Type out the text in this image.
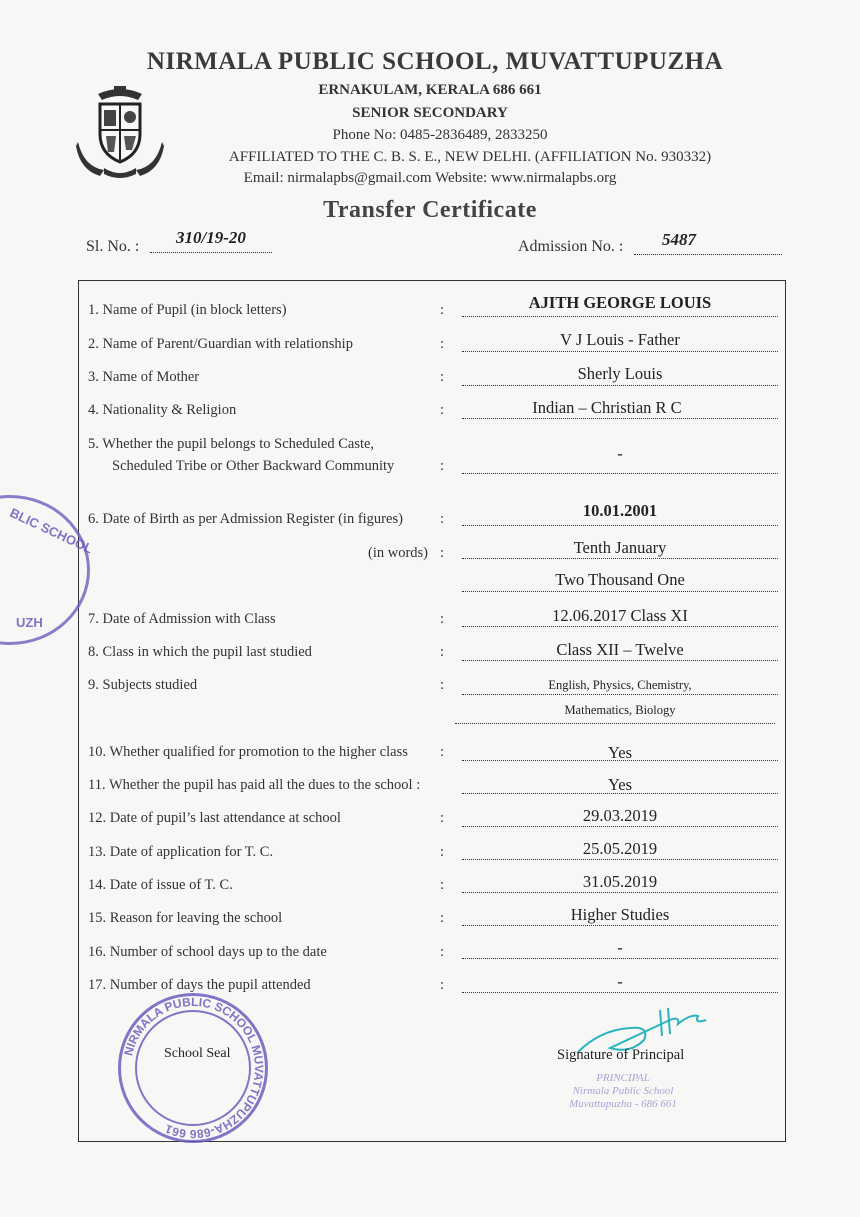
NIRMALA PUBLIC SCHOOL, MUVATTUPUZHA
ERNAKULAM, KERALA 686 661
SENIOR SECONDARY
Phone No: 0485-2836489, 2833250
AFFILIATED TO THE C. B. S. E., NEW DELHI. (AFFILIATION No. 930332)
Email: nirmalapbs@gmail.com Website: www.nirmalapbs.org
Transfer Certificate
Sl. No. :	310/19-20	Admission No. :	5487
1. Name of Pupil (in block letters)	:	AJITH GEORGE LOUIS
2. Name of Parent/Guardian with relationship	:	V J Louis - Father
3. Name of Mother	:	Sherly Louis
4. Nationality & Religion	:	Indian – Christian R C
5. Whether the pupil belongs to Scheduled Caste,
Scheduled Tribe or Other Backward Community	:
-
6. Date of Birth as per Admission Register (in figures)	:	10.01.2001
(in words) :	Tenth January
Two Thousand One
7. Date of Admission with Class	:	12.06.2017 Class XI
8. Class in which the pupil last studied	:	Class XII – Twelve
9. Subjects studied	:	English, Physics, Chemistry,
Mathematics, Biology
10. Whether qualified for promotion to the higher class :	Yes
11. Whether the pupil has paid all the dues to the school :	Yes
12. Date of pupil’s last attendance at school	:	29.03.2019
13. Date of application for T. C.	:	25.05.2019
14. Date of issue of T. C.	:	31.05.2019
15. Reason for leaving the school	:	Higher Studies
16. Number of school days up to the date	:	-
17. Number of days the pupil attended	:	-
NIRMALA PUBLIC SCHOOL MUVATTUPUZHA-686 661
School Seal
BLIC SCHOOL
UZH
Signature of Principal
PRINCIPAL
Nirmala Public School
Muvattupuzha - 686 661
